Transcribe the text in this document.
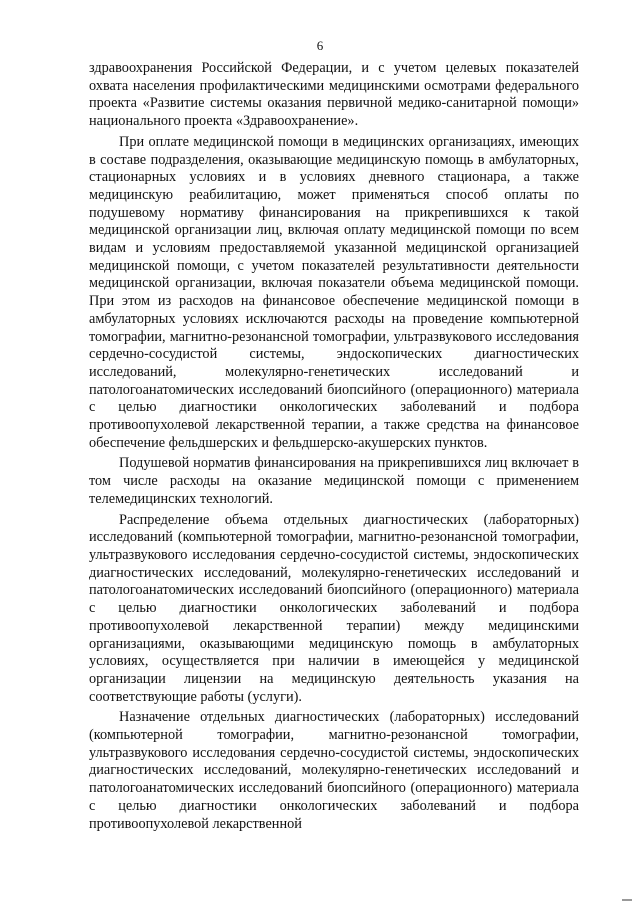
6

здравоохранения Российской Федерации, и с учетом целевых показателей охвата населения профилактическими медицинскими осмотрами федерального проекта «Развитие системы оказания первичной медико-санитарной помощи» национального проекта «Здравоохранение».

При оплате медицинской помощи в медицинских организациях, имеющих в составе подразделения, оказывающие медицинскую помощь в амбулаторных, стационарных условиях и в условиях дневного стационара, а также медицинскую реабилитацию, может применяться способ оплаты по подушевому нормативу финансирования на прикрепившихся к такой медицинской организации лиц, включая оплату медицинской помощи по всем видам и условиям предоставляемой указанной медицинской организацией медицинской помощи, с учетом показателей результативности деятельности медицинской организации, включая показатели объема медицинской помощи. При этом из расходов на финансовое обеспечение медицинской помощи в амбулаторных условиях исключаются расходы на проведение компьютерной томографии, магнитно-резонансной томографии, ультразвукового исследования сердечно-сосудистой системы, эндоскопических диагностических исследований, молекулярно-генетических исследований и патологоанатомических исследований биопсийного (операционного) материала с целью диагностики онкологических заболеваний и подбора противоопухолевой лекарственной терапии, а также средства на финансовое обеспечение фельдшерских и фельдшерско-акушерских пунктов.

Подушевой норматив финансирования на прикрепившихся лиц включает в том числе расходы на оказание медицинской помощи с применением телемедицинских технологий.

Распределение объема отдельных диагностических (лабораторных) исследований (компьютерной томографии, магнитно-резонансной томографии, ультразвукового исследования сердечно-сосудистой системы, эндоскопических диагностических исследований, молекулярно-генетических исследований и патологоанатомических исследований биопсийного (операционного) материала с целью диагностики онкологических заболеваний и подбора противоопухолевой лекарственной терапии) между медицинскими организациями, оказывающими медицинскую помощь в амбулаторных условиях, осуществляется при наличии в имеющейся у медицинской организации лицензии на медицинскую деятельность указания на соответствующие работы (услуги).

Назначение отдельных диагностических (лабораторных) исследований (компьютерной томографии, магнитно-резонансной томографии, ультразвукового исследования сердечно-сосудистой системы, эндоскопических диагностических исследований, молекулярно-генетических исследований и патологоанатомических исследований биопсийного (операционного) материала с целью диагностики онкологических заболеваний и подбора противоопухолевой лекарственной
